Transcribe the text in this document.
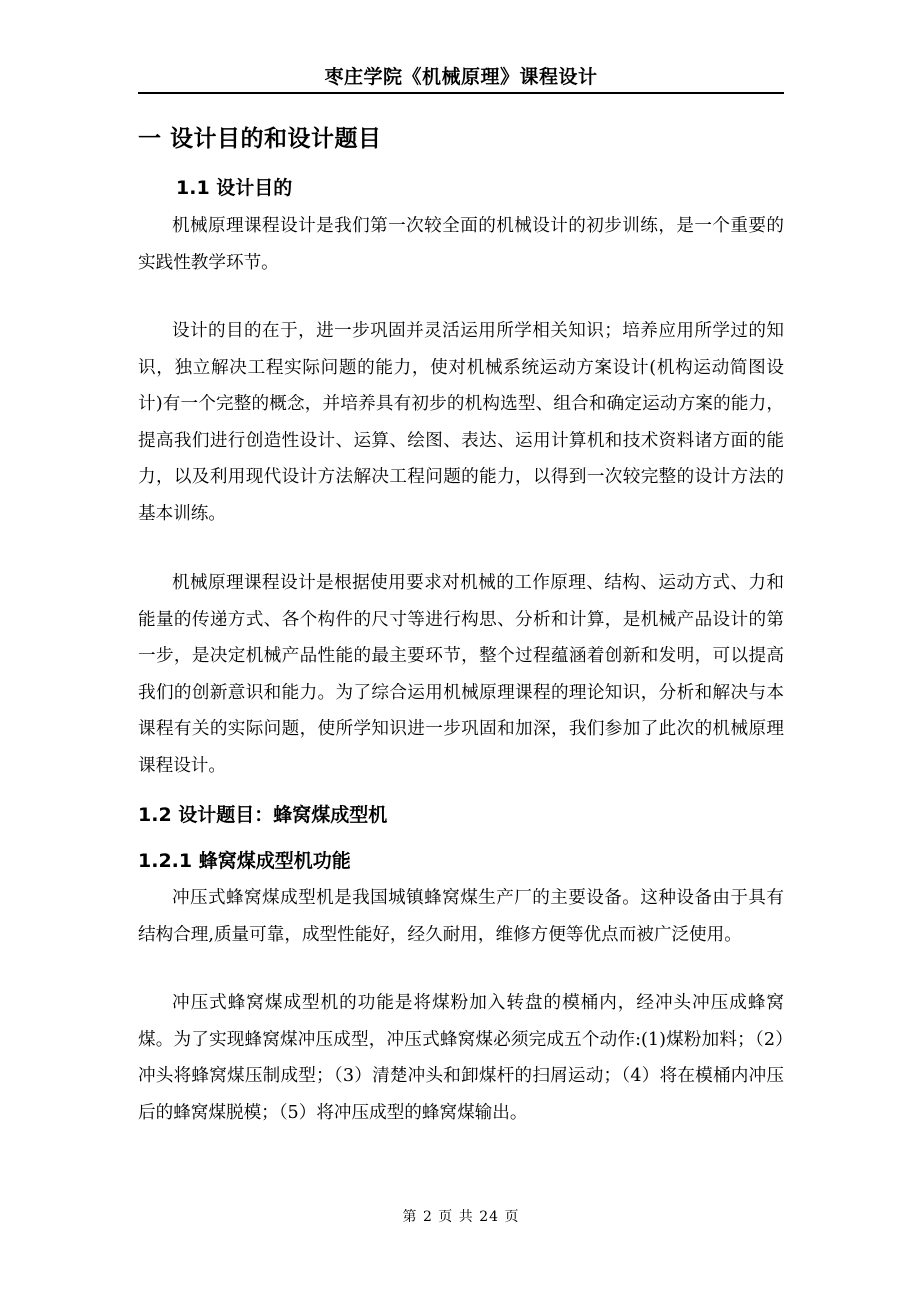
枣庄学院《机械原理》课程设计
一 设计目的和设计题目
1.1 设计目的

机械原理课程设计是我们第一次较全面的机械设计的初步训练，是一个重要的实践性教学环节。

设计的目的在于，进一步巩固并灵活运用所学相关知识；培养应用所学过的知识，独立解决工程实际问题的能力，使对机械系统运动方案设计(机构运动简图设计)有一个完整的概念，并培养具有初步的机构选型、组合和确定运动方案的能力，提高我们进行创造性设计、运算、绘图、表达、运用计算机和技术资料诸方面的能力，以及利用现代设计方法解决工程问题的能力，以得到一次较完整的设计方法的基本训练。

机械原理课程设计是根据使用要求对机械的工作原理、结构、运动方式、力和能量的传递方式、各个构件的尺寸等进行构思、分析和计算，是机械产品设计的第一步，是决定机械产品性能的最主要环节，整个过程蕴涵着创新和发明，可以提高我们的创新意识和能力。为了综合运用机械原理课程的理论知识，分析和解决与本课程有关的实际问题，使所学知识进一步巩固和加深，我们参加了此次的机械原理课程设计。

1.2 设计题目：蜂窝煤成型机
1.2.1 蜂窝煤成型机功能

冲压式蜂窝煤成型机是我国城镇蜂窝煤生产厂的主要设备。这种设备由于具有结构合理,质量可靠，成型性能好，经久耐用，维修方便等优点而被广泛使用。

冲压式蜂窝煤成型机的功能是将煤粉加入转盘的模桶内，经冲头冲压成蜂窝煤。为了实现蜂窝煤冲压成型，冲压式蜂窝煤必须完成五个动作:(1)煤粉加料；（2）冲头将蜂窝煤压制成型；（3）清楚冲头和卸煤杆的扫屑运动；（4）将在模桶内冲压后的蜂窝煤脱模；（5）将冲压成型的蜂窝煤输出。

第 2 页 共 24 页
